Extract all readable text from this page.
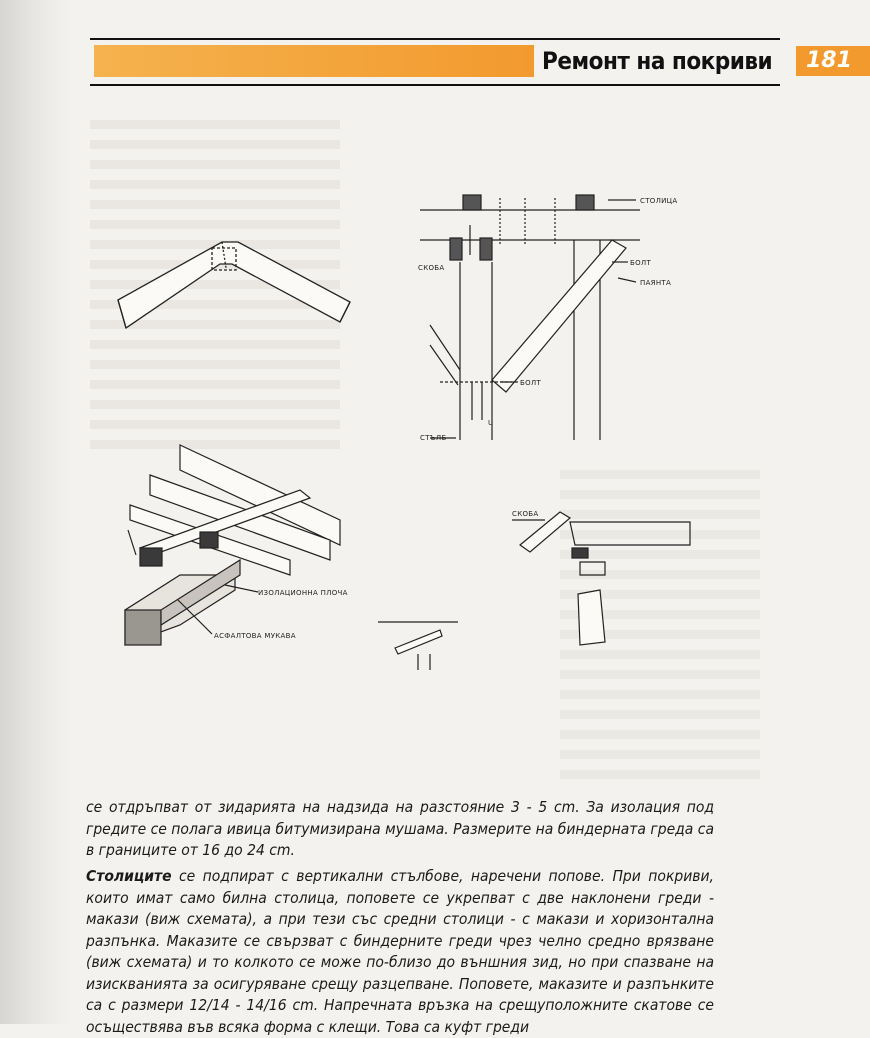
Ремонт на покриви	181
СТОЛИЦА
СКОБА
БОЛТ
ПАЯНТА
БОЛТ
СТЪЛБ
U
ИЗОЛАЦИОННА ПЛОЧА
АСФАЛТОВА МУКАВА
СКОБА
се отдръпват от зидарията на надзида на разстояние 3 - 5 cm. За изолация под гредите се полага ивица битумизирана мушама. Размерите на биндерната греда са в границите от 16 до 24 cm.
Столиците се подпират с вертикални стълбове, наречени попове. При покриви, които имат само билна столица, поповете се укрепват с две наклонени греди - макази (виж схемата), а при тези със средни столици - с макази и хоризонтална разпънка. Маказите се свързват с биндерните греди чрез челно средно врязване (виж схемата) и то колкото се може по-близо до външния зид, но при спазване на изискванията за осигуряване срещу разцепване. Поповете, маказите и разпънките са с размери 12/14 - 14/16 cm. Напречната връзка на срещуположните скатове се осъществява във всяка форма с клещи. Това са куфт греди
